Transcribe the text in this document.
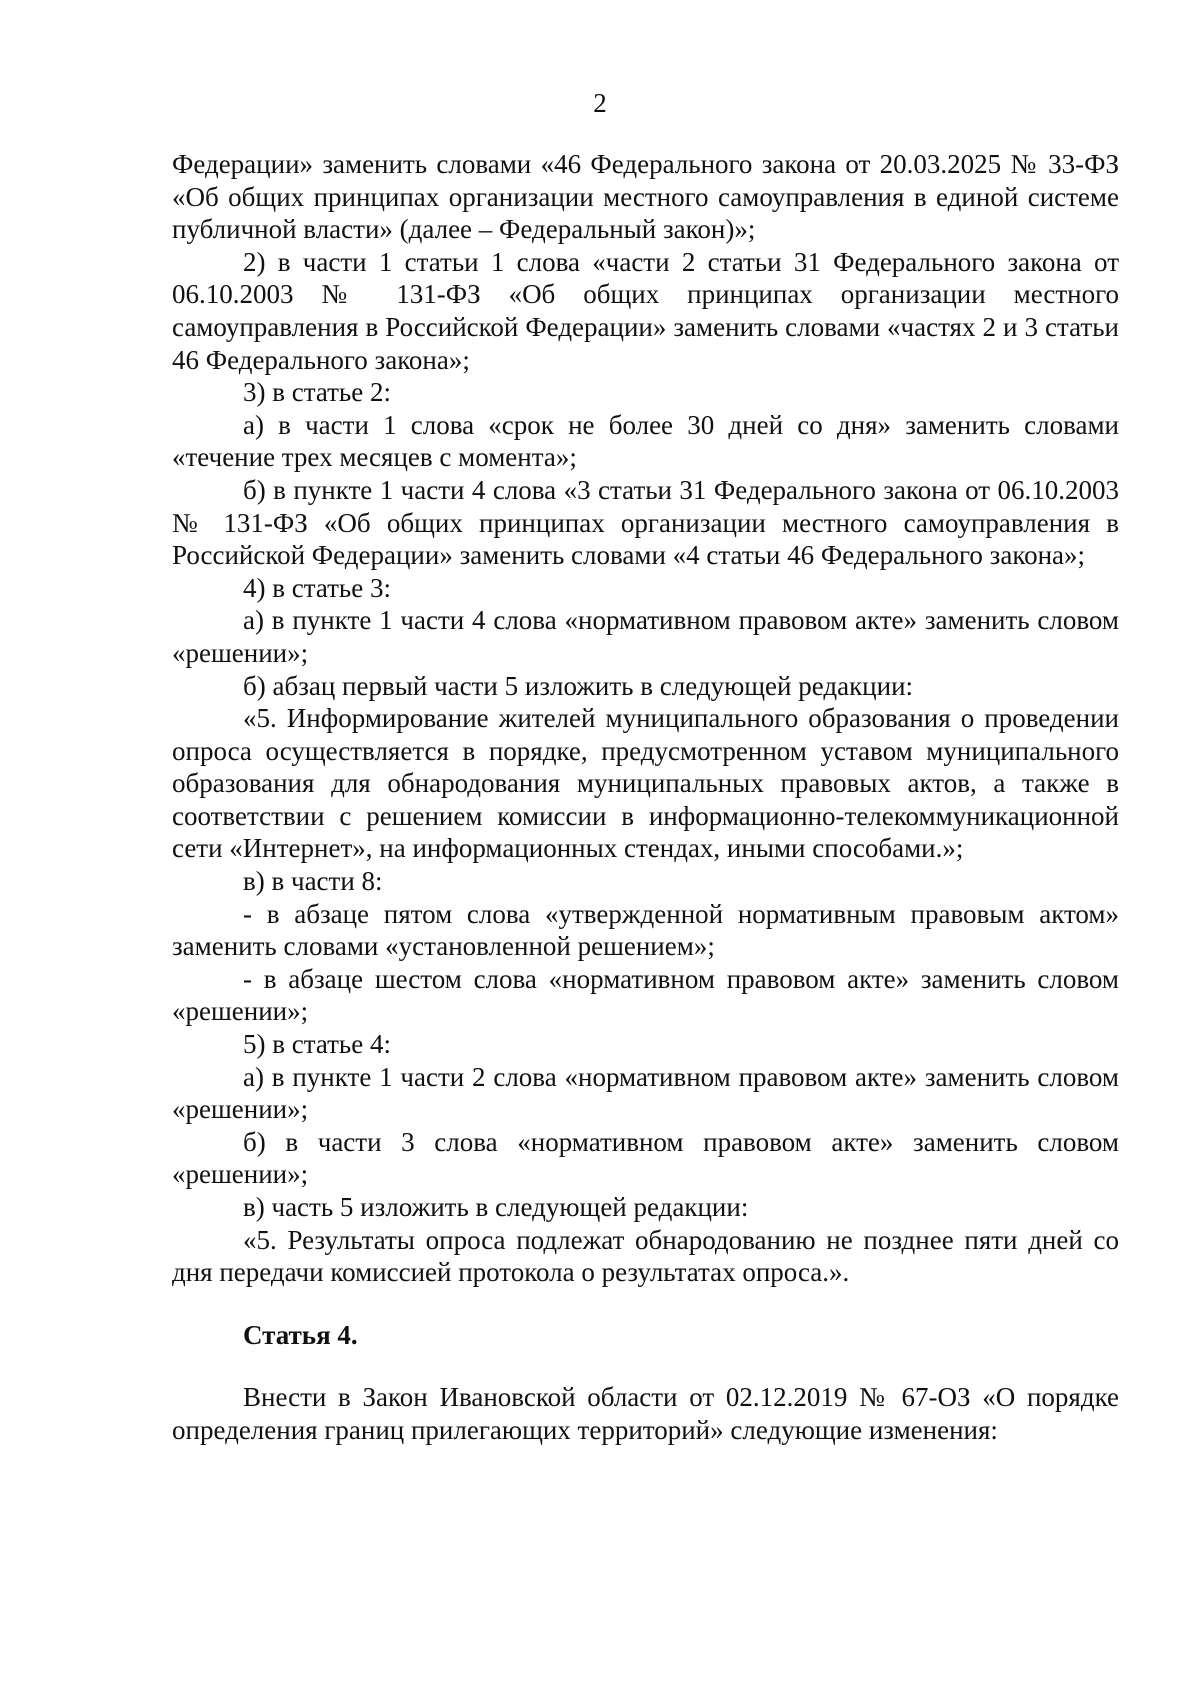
2

Федерации» заменить словами «46 Федерального закона от 20.03.2025 № 33-ФЗ «Об общих принципах организации местного самоуправления в единой системе публичной власти» (далее – Федеральный закон)»;

2) в части 1 статьи 1 слова «части 2 статьи 31 Федерального закона от 06.10.2003 № 131-ФЗ «Об общих принципах организации местного самоуправления в Российской Федерации» заменить словами «частях 2 и 3 статьи 46 Федерального закона»;

3) в статье 2:

а) в части 1 слова «срок не более 30 дней со дня» заменить словами «течение трех месяцев с момента»;

б) в пункте 1 части 4 слова «3 статьи 31 Федерального закона от 06.10.2003 № 131-ФЗ «Об общих принципах организации местного самоуправления в Российской Федерации» заменить словами «4 статьи 46 Федерального закона»;

4) в статье 3:

а) в пункте 1 части 4 слова «нормативном правовом акте» заменить словом «решении»;

б) абзац первый части 5 изложить в следующей редакции:

«5. Информирование жителей муниципального образования о проведении опроса осуществляется в порядке, предусмотренном уставом муниципального образования для обнародования муниципальных правовых актов, а также в соответствии с решением комиссии в информационно-телекоммуникационной сети «Интернет», на информационных стендах, иными способами.»;

в) в части 8:

- в абзаце пятом слова «утвержденной нормативным правовым актом» заменить словами «установленной решением»;

- в абзаце шестом слова «нормативном правовом акте» заменить словом «решении»;

5) в статье 4:

а) в пункте 1 части 2 слова «нормативном правовом акте» заменить словом «решении»;

б) в части 3 слова «нормативном правовом акте» заменить словом «решении»;

в) часть 5 изложить в следующей редакции:

«5. Результаты опроса подлежат обнародованию не позднее пяти дней со дня передачи комиссией протокола о результатах опроса.».

Статья 4.

Внести в Закон Ивановской области от 02.12.2019 № 67-ОЗ «О порядке определения границ прилегающих территорий» следующие изменения:
